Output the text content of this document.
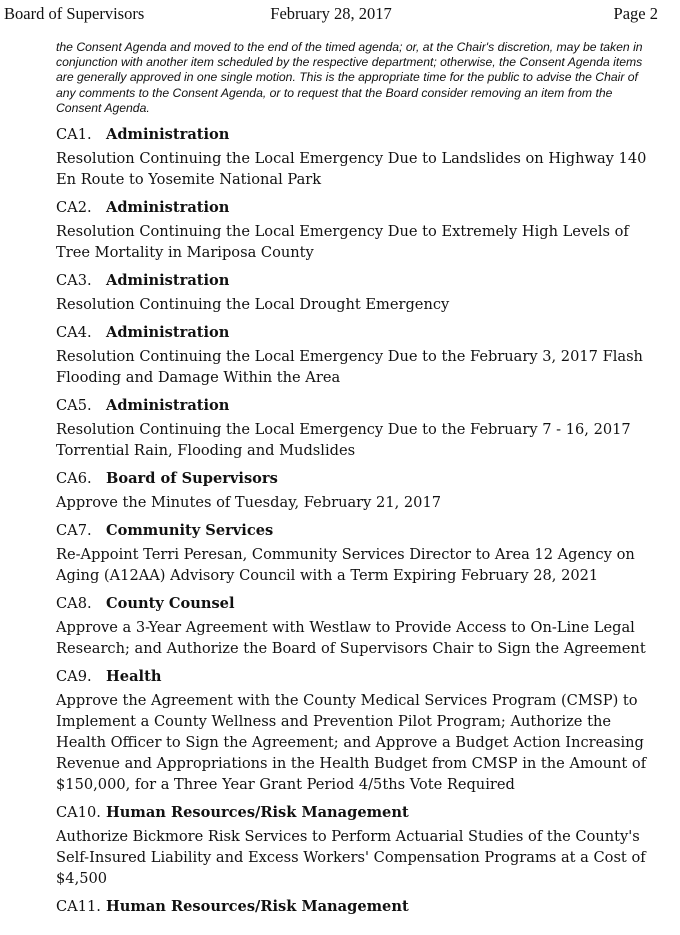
Board of Supervisors	February 28, 2017	Page 2

the Consent Agenda and moved to the end of the timed agenda; or, at the Chair's discretion, may be taken in conjunction with another item scheduled by the respective department; otherwise, the Consent Agenda items are generally approved in one single motion. This is the appropriate time for the public to advise the Chair of any comments to the Consent Agenda, or to request that the Board consider removing an item from the Consent Agenda.

CA1. Administration
Resolution Continuing the Local Emergency Due to Landslides on Highway 140 En Route to Yosemite National Park
CA2. Administration
Resolution Continuing the Local Emergency Due to Extremely High Levels of Tree Mortality in Mariposa County
CA3. Administration
Resolution Continuing the Local Drought Emergency
CA4. Administration
Resolution Continuing the Local Emergency Due to the February 3, 2017 Flash Flooding and Damage Within the Area
CA5. Administration
Resolution Continuing the Local Emergency Due to the February 7 - 16, 2017 Torrential Rain, Flooding and Mudslides
CA6. Board of Supervisors
Approve the Minutes of Tuesday, February 21, 2017
CA7. Community Services
Re-Appoint Terri Peresan, Community Services Director to Area 12 Agency on Aging (A12AA) Advisory Council with a Term Expiring February 28, 2021
CA8. County Counsel
Approve a 3-Year Agreement with Westlaw to Provide Access to On-Line Legal Research; and Authorize the Board of Supervisors Chair to Sign the Agreement
CA9. Health
Approve the Agreement with the County Medical Services Program (CMSP) to Implement a County Wellness and Prevention Pilot Program; Authorize the Health Officer to Sign the Agreement; and Approve a Budget Action Increasing Revenue and Appropriations in the Health Budget from CMSP in the Amount of $150,000, for a Three Year Grant Period 4/5ths Vote Required
CA10. Human Resources/Risk Management
Authorize Bickmore Risk Services to Perform Actuarial Studies of the County's Self-Insured Liability and Excess Workers' Compensation Programs at a Cost of $4,500
CA11. Human Resources/Risk Management
